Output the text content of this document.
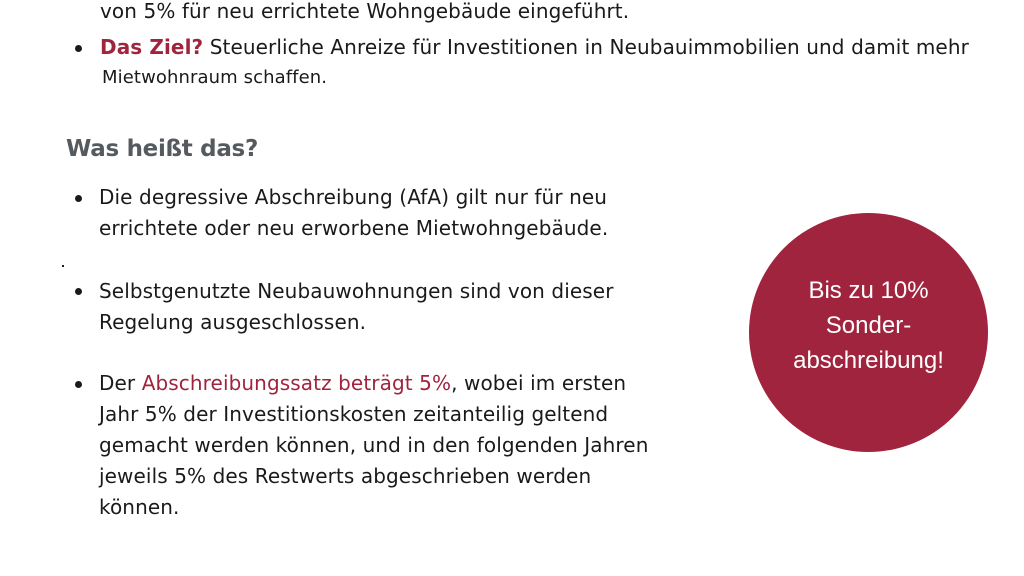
von 5% für neu errichtete Wohngebäude eingeführt.
Das Ziel? Steuerliche Anreize für Investitionen in Neubauimmobilien und damit mehr
Mietwohnraum schaffen.
Was heißt das?
Die degressive Abschreibung (AfA) gilt nur für neu
errichtete oder neu erworbene Mietwohngebäude.
Selbstgenutzte Neubauwohnungen sind von dieser
Regelung ausgeschlossen.
Der Abschreibungssatz beträgt 5%, wobei im ersten
Jahr 5% der Investitionskosten zeitanteilig geltend
gemacht werden können, und in den folgenden Jahren
jeweils 5% des Restwerts abgeschrieben werden
können.
Bis zu 10%
Sonder-
abschreibung!
